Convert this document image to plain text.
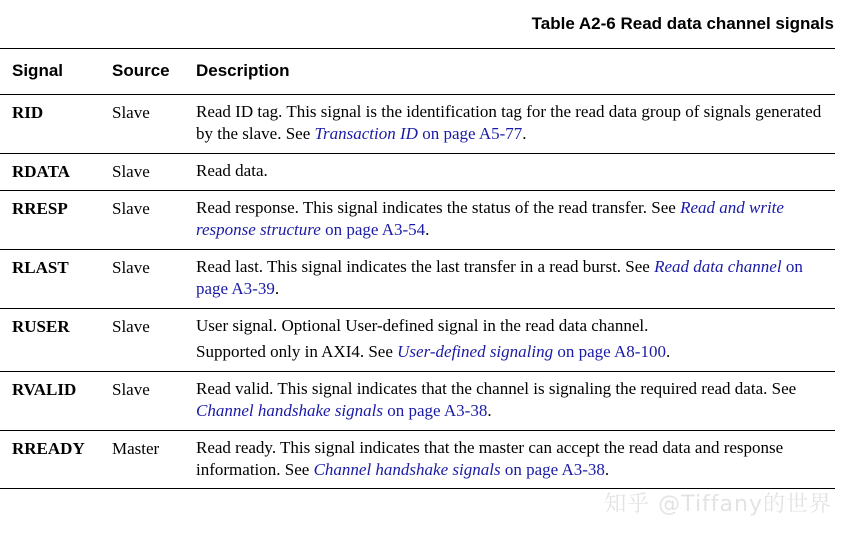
Table A2-6 Read data channel signals
Signal	Source Description
RID	Slave	Read ID tag. This signal is the identification tag for the read data group of signals generated by the slave. See Transaction ID on page A5-77.

RDATA Slave	Read data.

RRESP	Slave	Read response. This signal indicates the status of the read transfer. See Read and write response structure on page A3-54.

RLAST	Slave	Read last. This signal indicates the last transfer in a read burst. See Read data channel on page A3-39.

RUSER Slave	User signal. Optional User-defined signal in the read data channel.

Supported only in AXI4. See User-defined signaling on page A8-100.

RVALID Slave	Read valid. This signal indicates that the channel is signaling the required read data. See Channel handshake signals on page A3-38.

RREADY Master Read ready. This signal indicates that the master can accept the read data and response information. See Channel handshake signals on page A3-38.

知乎 @Tiffany的世界
